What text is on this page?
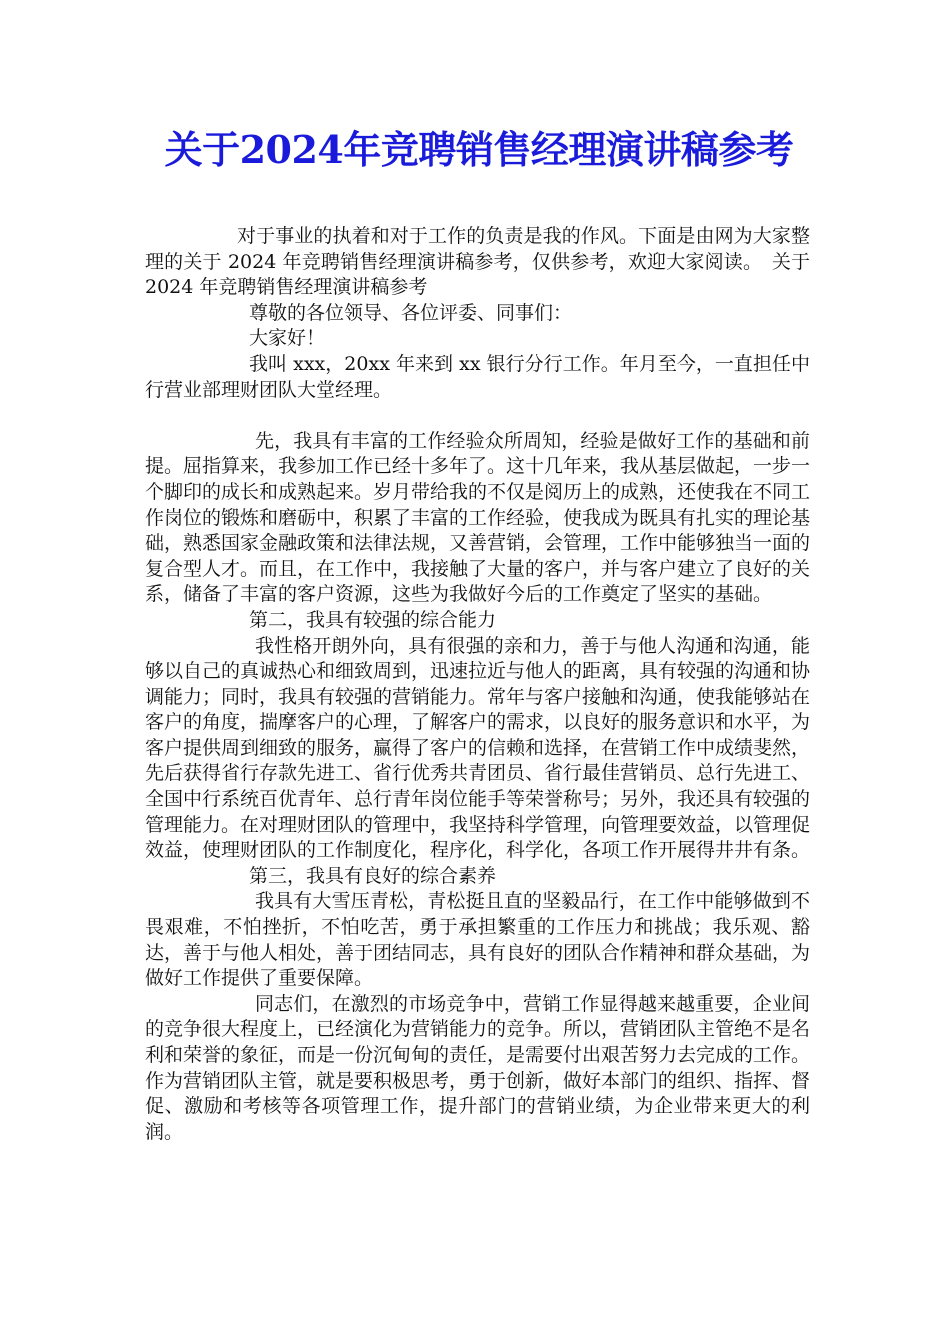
关于2024年竞聘销售经理演讲稿参考

对于事业的执着和对于工作的负责是我的作风。下面是由网为大家整理的关于 2024 年竞聘销售经理演讲稿参考，仅供参考，欢迎大家阅读。　关于 2024 年竞聘销售经理演讲稿参考

尊敬的各位领导、各位评委、同事们：

大家好！

我叫 xxx，20xx 年来到 xx 银行分行工作。年月至今，一直担任中行营业部理财团队大堂经理。

先，我具有丰富的工作经验众所周知，经验是做好工作的基础和前提。屈指算来，我参加工作已经十多年了。这十几年来，我从基层做起，一步一个脚印的成长和成熟起来。岁月带给我的不仅是阅历上的成熟，还使我在不同工作岗位的锻炼和磨砺中，积累了丰富的工作经验，使我成为既具有扎实的理论基础，熟悉国家金融政策和法律法规，又善营销，会管理，工作中能够独当一面的复合型人才。而且，在工作中，我接触了大量的客户，并与客户建立了良好的关系，储备了丰富的客户资源，这些为我做好今后的工作奠定了坚实的基础。

第二，我具有较强的综合能力

我性格开朗外向，具有很强的亲和力，善于与他人沟通和沟通，能够以自己的真诚热心和细致周到，迅速拉近与他人的距离，具有较强的沟通和协调能力；同时，我具有较强的营销能力。常年与客户接触和沟通，使我能够站在客户的角度，揣摩客户的心理，了解客户的需求，以良好的服务意识和水平，为客户提供周到细致的服务，赢得了客户的信赖和选择，在营销工作中成绩斐然，先后获得省行存款先进工、省行优秀共青团员、省行最佳营销员、总行先进工、全国中行系统百优青年、总行青年岗位能手等荣誉称号；另外，我还具有较强的管理能力。在对理财团队的管理中，我坚持科学管理，向管理要效益，以管理促效益，使理财团队的工作制度化，程序化，科学化，各项工作开展得井井有条。

第三，我具有良好的综合素养

我具有大雪压青松，青松挺且直的坚毅品行，在工作中能够做到不畏艰难，不怕挫折，不怕吃苦，勇于承担繁重的工作压力和挑战；我乐观、豁达，善于与他人相处，善于团结同志，具有良好的团队合作精神和群众基础，为做好工作提供了重要保障。

同志们，在激烈的市场竞争中，营销工作显得越来越重要，企业间的竞争很大程度上，已经演化为营销能力的竞争。所以，营销团队主管绝不是名利和荣誉的象征，而是一份沉甸甸的责任，是需要付出艰苦努力去完成的工作。作为营销团队主管，就是要积极思考，勇于创新，做好本部门的组织、指挥、督促、激励和考核等各项管理工作，提升部门的营销业绩，为企业带来更大的利润。
